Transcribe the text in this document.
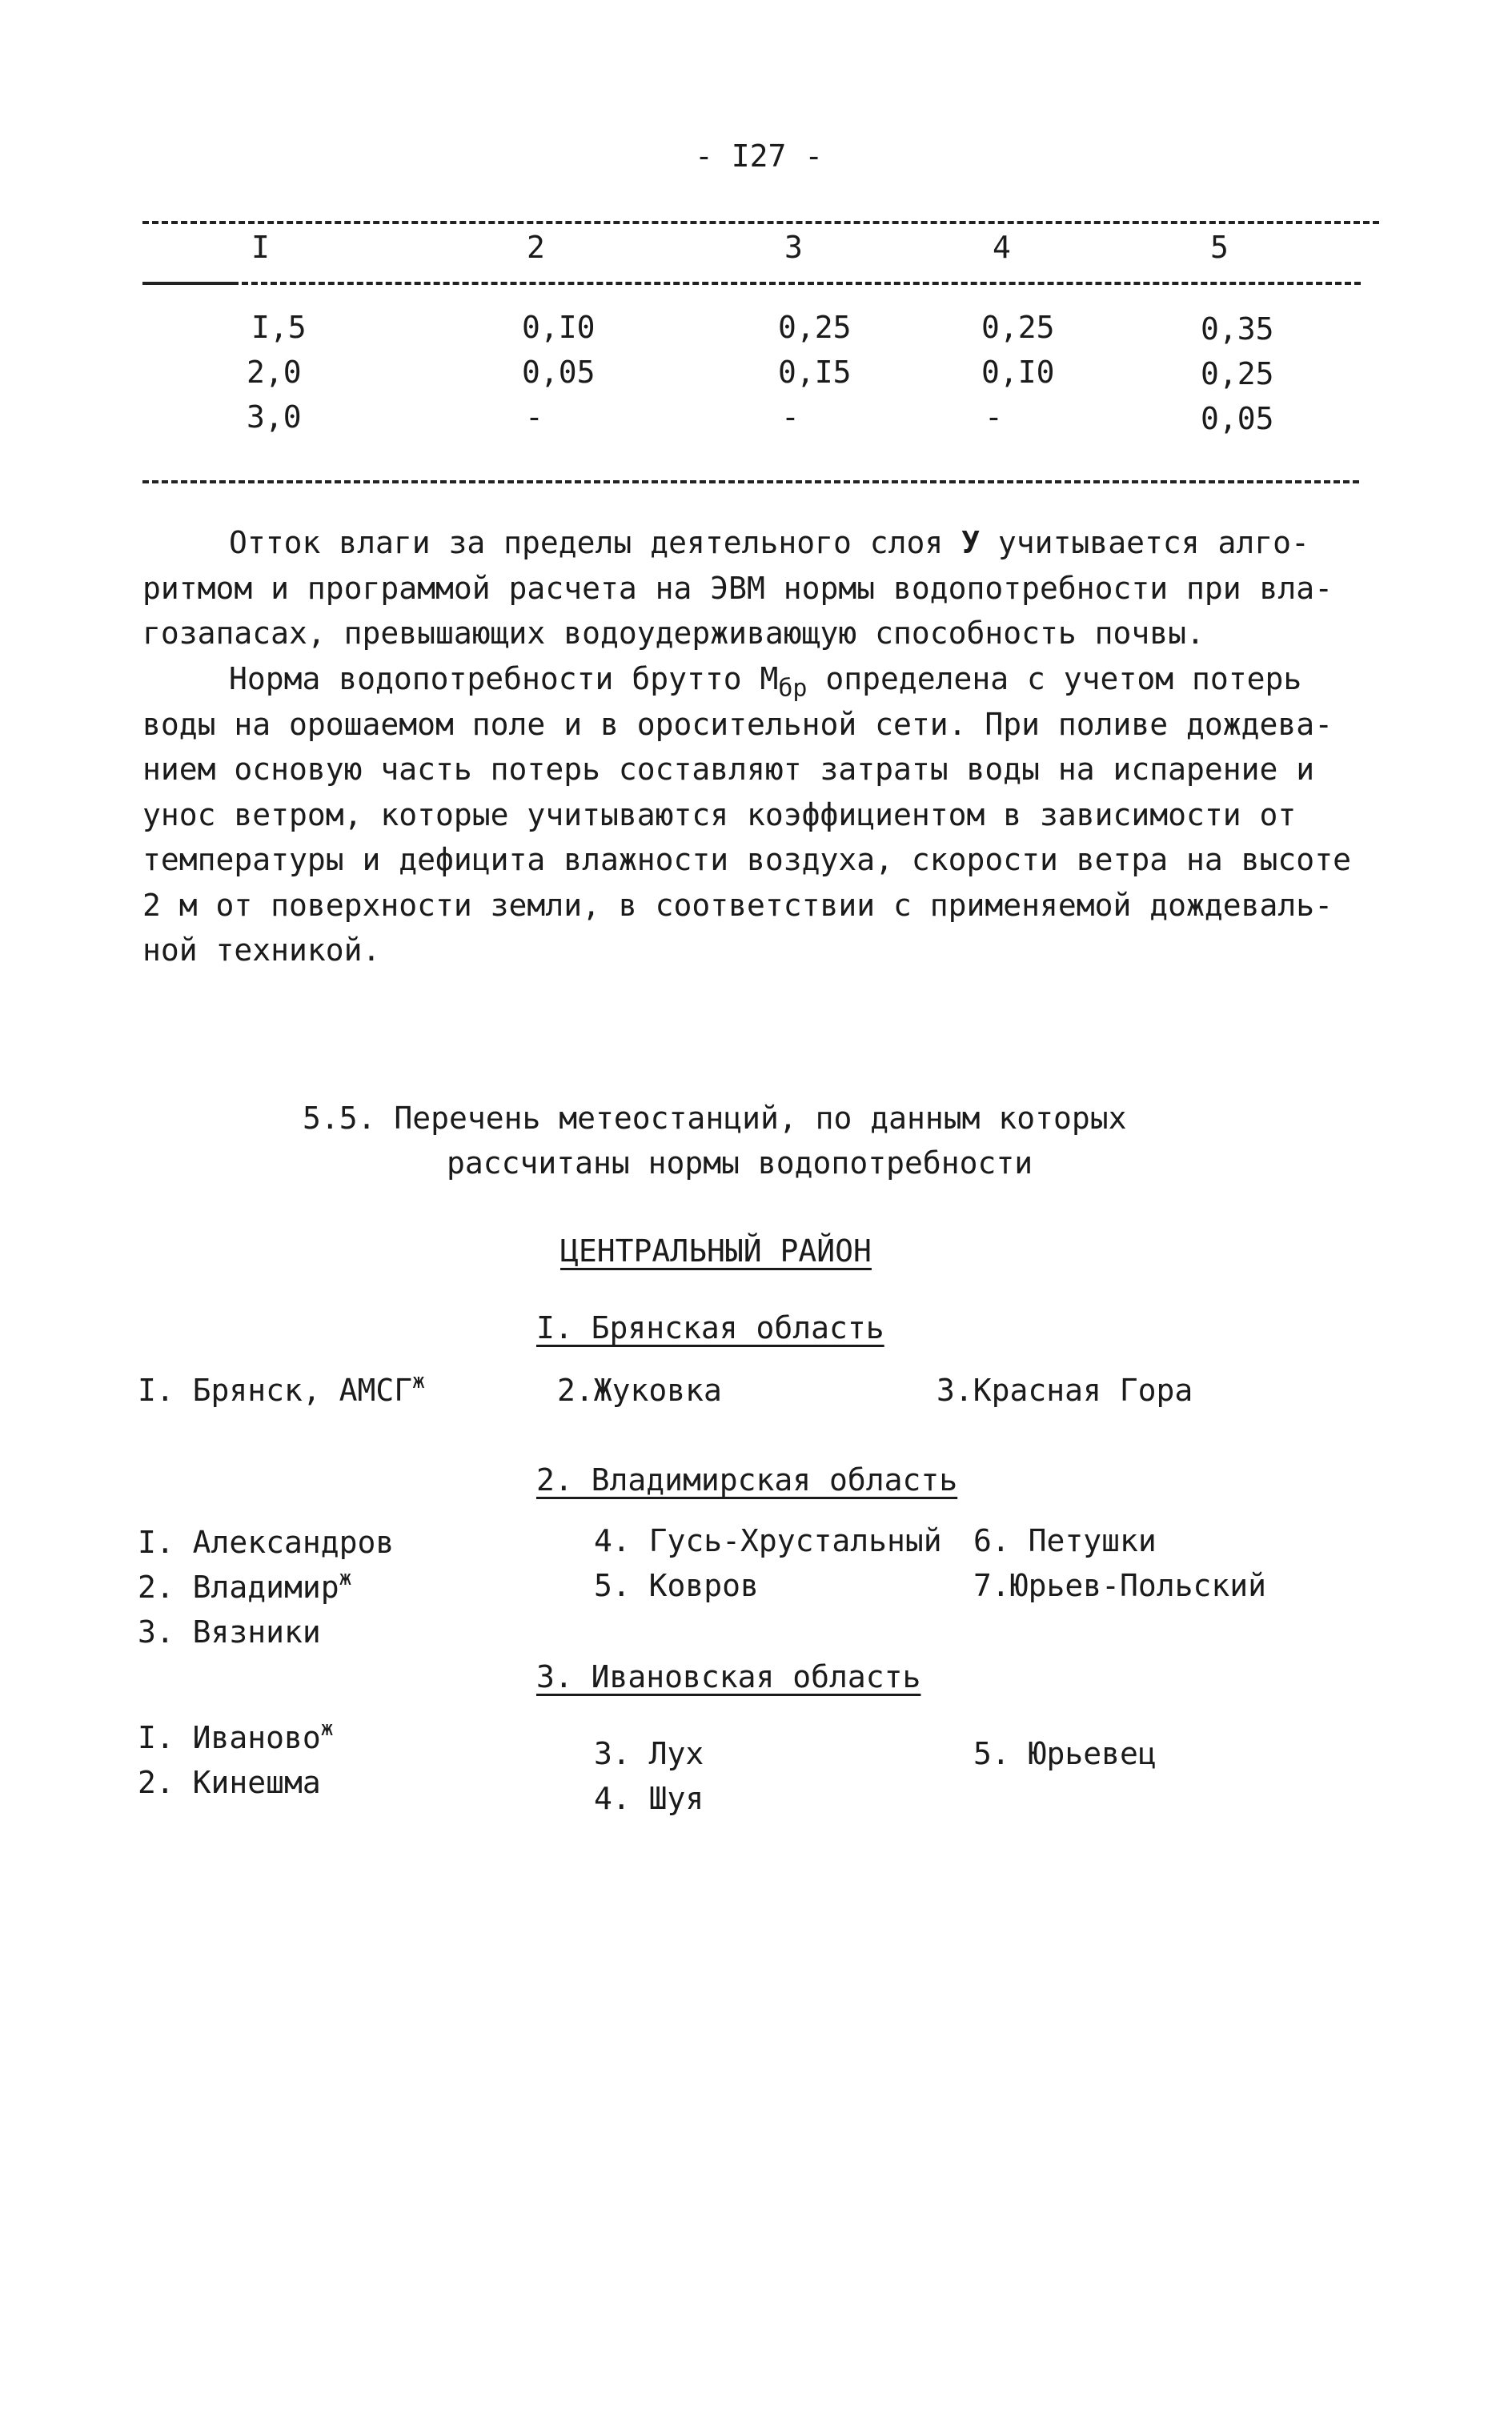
- I27 -
I	2	3	4	5
I,5	0,I0	0,25	0,25	0,35
2,0	0,05	0,I5	0,I0	0,25
3,0	-	-	-	0,05
Отток влаги за пределы деятельного слоя У учитывается алго-
ритмом и программой расчета на ЭВМ нормы водопотребности при вла-
гозапасах, превышающих водоудерживающую способность почвы.
Норма водопотребности брутто $М_{бр}$ определена с учетом потерь
воды на орошаемом поле и в оросительной сети. При поливе дождева-
нием основую часть потерь составляют затраты воды на испарение и
унос ветром, которые учитываются коэффициентом в зависимости от
температуры и дефицита влажности воздуха, скорости ветра на высоте
2 м от поверхности земли, в соответствии с применяемой дождеваль-
ной техникой.
5.5. Перечень метеостанций, по данным которых
рассчитаны нормы водопотребности
ЦЕНТРАЛЬНЫЙ РАЙОН
I. Брянская область
I. Брянск, $АМСГ^ж$	2.Жуковка	3.Красная Гора
2. Владимирская область
I. Александров
2. Владимир$^ж$
3. Вязники
4. Гусь-Хрустальный
5. Ковров
6. Петушки
7.Юрьев-Польский
3. Ивановская область
I. Иваново$^ж$
2. Кинешма
3. Лух
4. Шуя
5. Юрьевец
